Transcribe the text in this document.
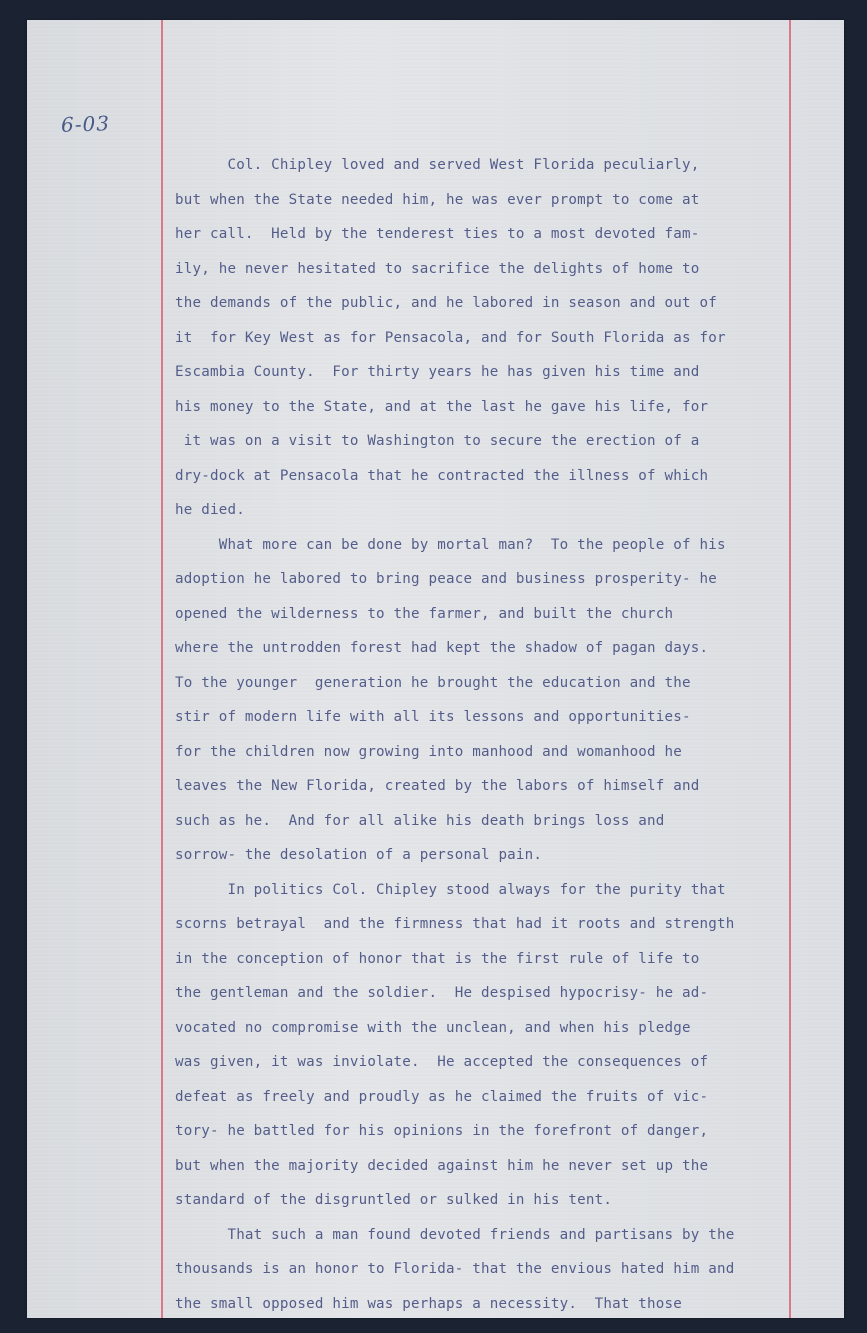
6-03
Col. Chipley loved and served West Florida peculiarly,
but when the State needed him, he was ever prompt to come at
her call.  Held by the tenderest ties to a most devoted fam-
ily, he never hesitated to sacrifice the delights of home to
the demands of the public, and he labored in season and out of
it  for Key West as for Pensacola, and for South Florida as for
Escambia County.  For thirty years he has given his time and
his money to the State, and at the last he gave his life, for
it was on a visit to Washington to secure the erection of a
dry-dock at Pensacola that he contracted the illness of which
he died.
What more can be done by mortal man?  To the people of his
adoption he labored to bring peace and business prosperity- he
opened the wilderness to the farmer, and built the church
where the untrodden forest had kept the shadow of pagan days.
To the younger  generation he brought the education and the
stir of modern life with all its lessons and opportunities-
for the children now growing into manhood and womanhood he
leaves the New Florida, created by the labors of himself and
such as he.  And for all alike his death brings loss and
sorrow- the desolation of a personal pain.
In politics Col. Chipley stood always for the purity that
scorns betrayal  and the firmness that had it roots and strength
in the conception of honor that is the first rule of life to
the gentleman and the soldier.  He despised hypocrisy- he ad-
vocated no compromise with the unclean, and when his pledge
was given, it was inviolate.  He accepted the consequences of
defeat as freely and proudly as he claimed the fruits of vic-
tory- he battled for his opinions in the forefront of danger,
but when the majority decided against him he never set up the
standard of the disgruntled or sulked in his tent.
That such a man found devoted friends and partisans by the
thousands is an honor to Florida- that the envious hated him and
the small opposed him was perhaps a necessity.  That those
